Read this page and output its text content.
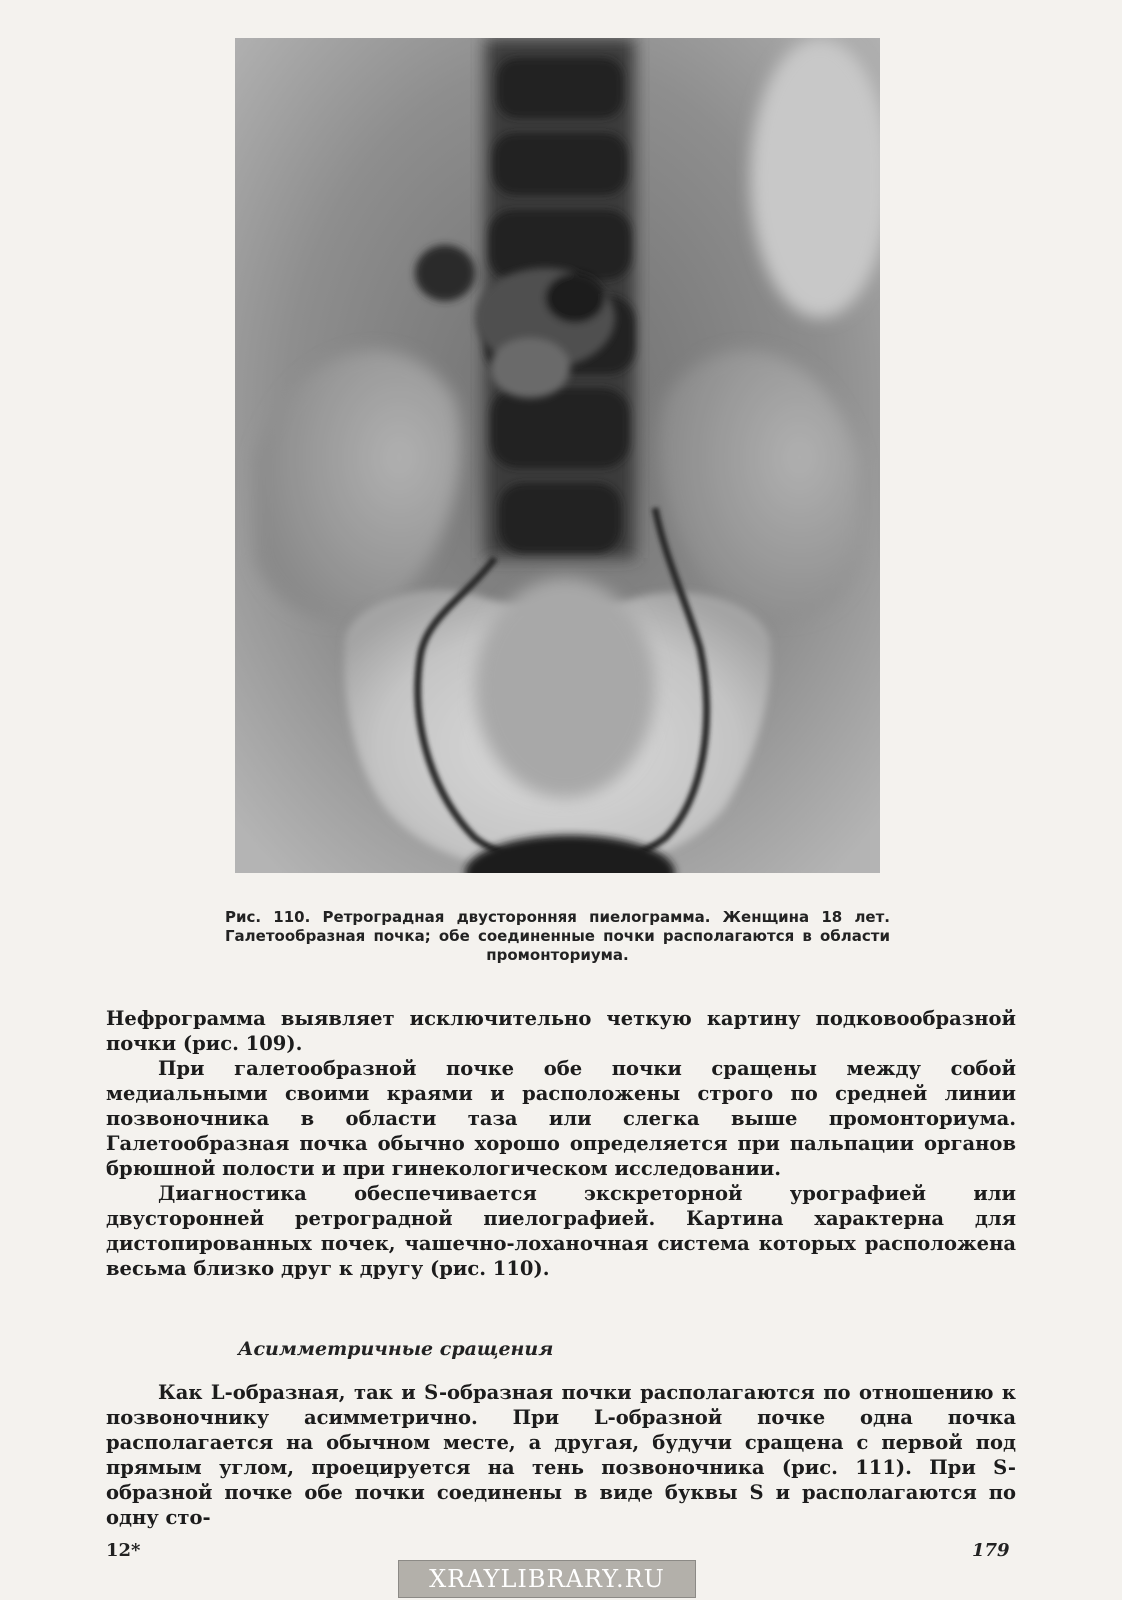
Рис. 110. Ретроградная двусторонняя пиелограмма. Женщина 18 лет. Галетообразная почка; обе соединенные почки располагаются в области промонториума.

Нефрограмма выявляет исключительно четкую картину подковообразной почки (рис. 109).

При галетообразной почке обе почки сращены между собой медиальными своими краями и расположены строго по средней линии позвоночника в области таза или слегка выше промонториума. Галетообразная почка обычно хорошо определяется при пальпации органов брюшной полости и при гинекологическом исследовании.

Диагностика обеспечивается экскреторной урографией или двусторонней ретроградной пиелографией. Картина характерна для дистопированных почек, чашечно-лоханочная система которых расположена весьма близко друг к другу (рис. 110).

Асимметричные сращения
Как L-образная, так и S-образная почки располагаются по отношению к позвоночнику асимметрично. При L-образной почке одна почка располагается на обычном месте, а другая, будучи сращена с первой под прямым углом, проецируется на тень позвоночника (рис. 111). При S-образной почке обе почки соединены в виде буквы S и располагаются по одну сто-
12*	179
XRAYLIBRARY.RU
